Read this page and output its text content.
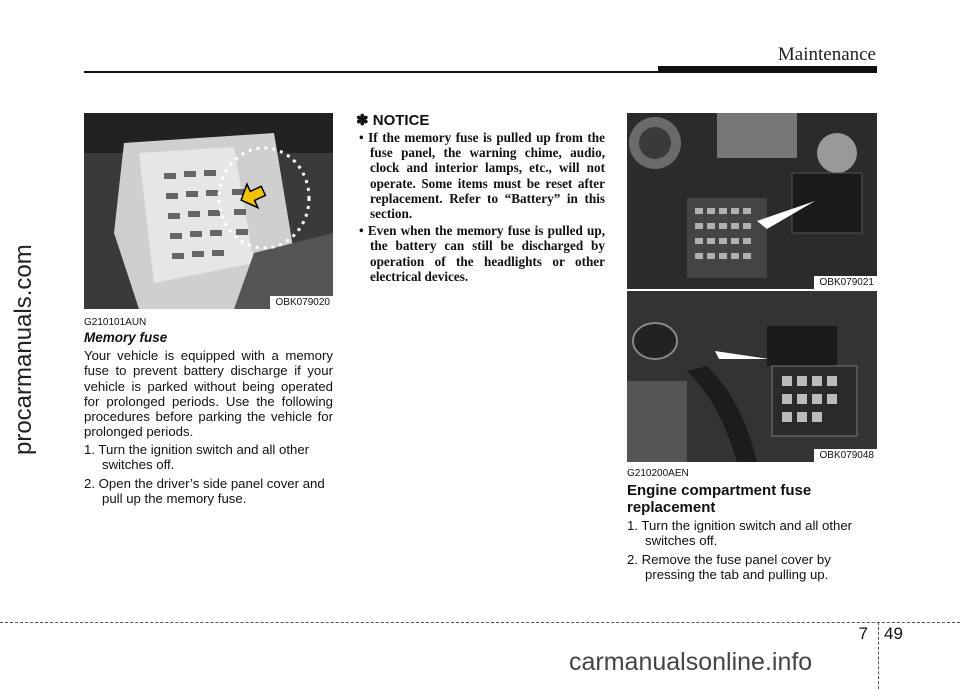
Maintenance
procarmanuals.com	OBK079020
G210101AUN
Memory fuse
Your vehicle is equipped with a memory fuse to prevent battery discharge if your vehicle is parked without being operated for prolonged periods. Use the following procedures before parking the vehicle for prolonged periods.
1. Turn the ignition switch and all other switches off.
2. Open the driver’s side panel cover and pull up the memory fuse.
✽ NOTICE
• If the memory fuse is pulled up from the fuse panel, the warning chime, audio, clock and interior lamps, etc., will not operate. Some items must be reset after replacement. Refer to “Battery” in this section.
• Even when the memory fuse is pulled up, the battery can still be discharged by operation of the headlights or other electrical devices.	OBK079021
OBK079048
G210200AEN
Engine compartment fuse replacement
1. Turn the ignition switch and all other switches off.
2. Remove the fuse panel cover by pressing the tab and pulling up.
7 49
carmanualsonline.info
